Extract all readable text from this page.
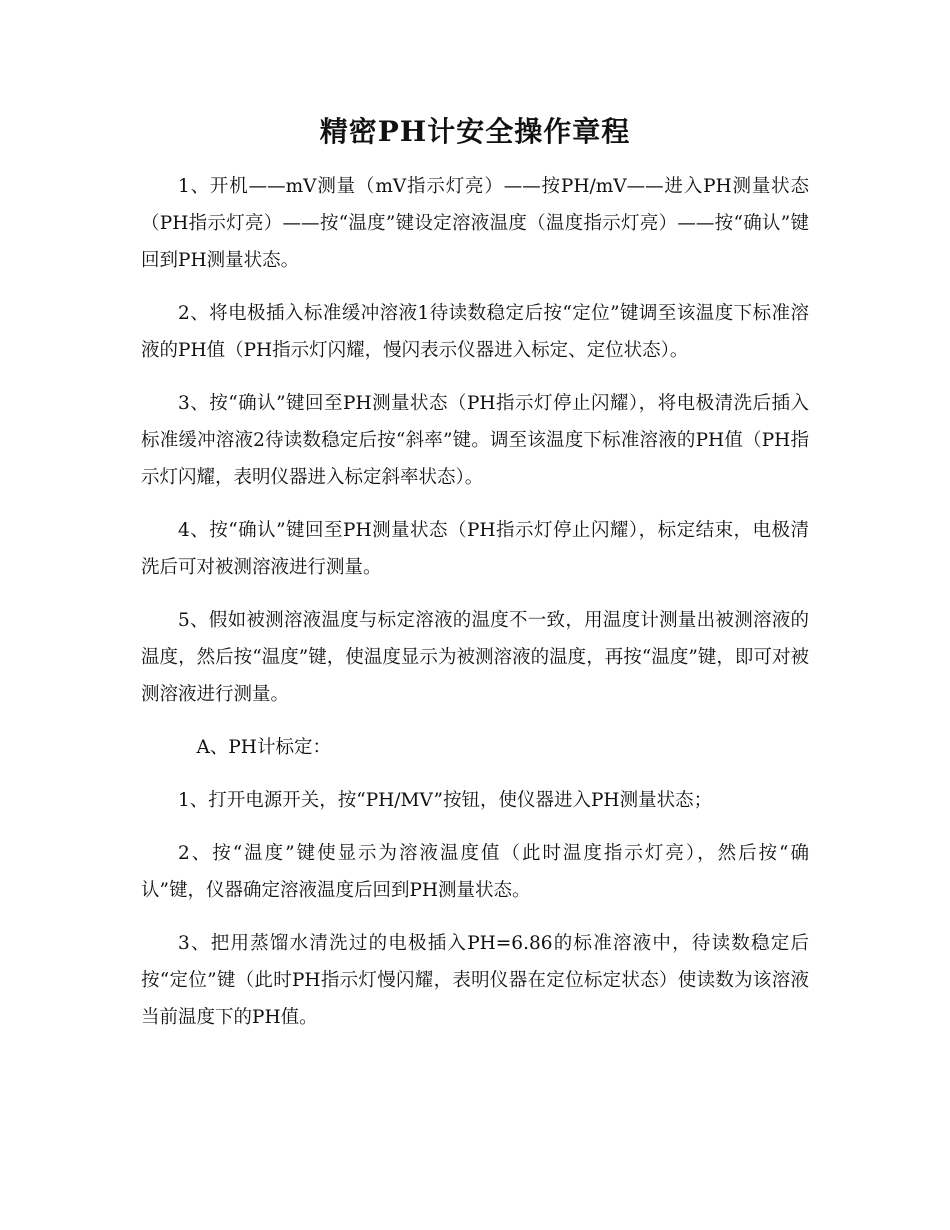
精密PH计安全操作章程

1、开机——mV测量（mV指示灯亮）——按PH/mV——进入PH测量状态（PH指示灯亮）——按“温度”键设定溶液温度（温度指示灯亮）——按“确认”键回到PH测量状态。

2、将电极插入标准缓冲溶液1待读数稳定后按“定位”键调至该温度下标准溶液的PH值（PH指示灯闪耀，慢闪表示仪器进入标定、定位状态）。

3、按“确认”键回至PH测量状态（PH指示灯停止闪耀），将电极清洗后插入标准缓冲溶液2待读数稳定后按“斜率”键。调至该温度下标准溶液的PH值（PH指示灯闪耀，表明仪器进入标定斜率状态）。

4、按“确认”键回至PH测量状态（PH指示灯停止闪耀），标定结束，电极清洗后可对被测溶液进行测量。

5、假如被测溶液温度与标定溶液的温度不一致，用温度计测量出被测溶液的温度，然后按“温度”键，使温度显示为被测溶液的温度，再按“温度”键，即可对被测溶液进行测量。

A、PH计标定：

1、打开电源开关，按“PH/MV”按钮，使仪器进入PH测量状态；

2、按“温度”键使显示为溶液温度值（此时温度指示灯亮），然后按“确认”键，仪器确定溶液温度后回到PH测量状态。

3、把用蒸馏水清洗过的电极插入PH=6.86的标准溶液中，待读数稳定后按“定位”键（此时PH指示灯慢闪耀，表明仪器在定位标定状态）使读数为该溶液当前温度下的PH值。
